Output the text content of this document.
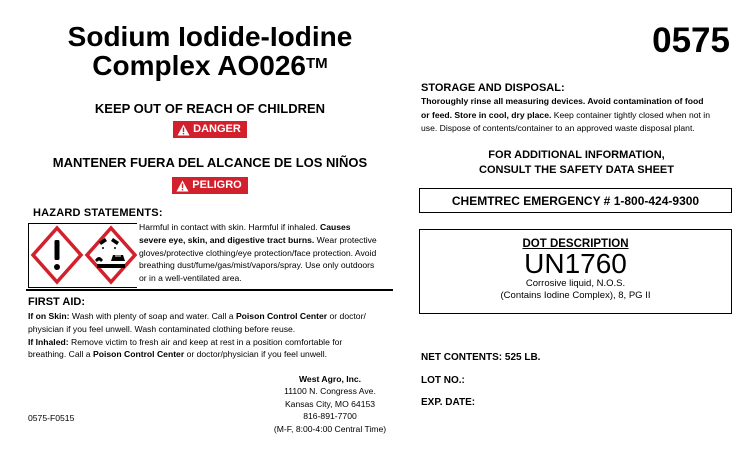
Sodium Iodide-Iodine
Complex AO026™
0575
KEEP OUT OF REACH OF CHILDREN
DANGER
MANTENER FUERA DEL ALCANCE DE LOS NIÑOS
PELIGRO
HAZARD STATEMENTS:
Harmful in contact with skin. Harmful if inhaled. Causes
severe eye, skin, and digestive tract burns. Wear protective
gloves/protective clothing/eye protection/face protection. Avoid
breathing dust/fume/gas/mist/vapors/spray. Use only outdoors
or in a well-ventilated area.
FIRST AID:
If on Skin: Wash with plenty of soap and water. Call a Poison Control Center or doctor/
physician if you feel unwell. Wash contaminated clothing before reuse.
If Inhaled: Remove victim to fresh air and keep at rest in a position comfortable for
breathing. Call a Poison Control Center or doctor/physician if you feel unwell.
West Agro, Inc.
11100 N. Congress Ave.
Kansas City, MO 64153
816-891-7700
(M-F, 8:00-4:00 Central Time)
0575-F0515
STORAGE AND DISPOSAL:
Thoroughly rinse all measuring devices. Avoid contamination of food
or feed. Store in cool, dry place. Keep container tightly closed when not in
use. Dispose of contents/container to an approved waste disposal plant.
FOR ADDITIONAL INFORMATION,
CONSULT THE SAFETY DATA SHEET
CHEMTREC EMERGENCY # 1-800-424-9300
DOT DESCRIPTION
UN1760
Corrosive liquid, N.O.S.
(Contains Iodine Complex), 8, PG II
NET CONTENTS: 525 LB.
LOT NO.:
EXP. DATE:
